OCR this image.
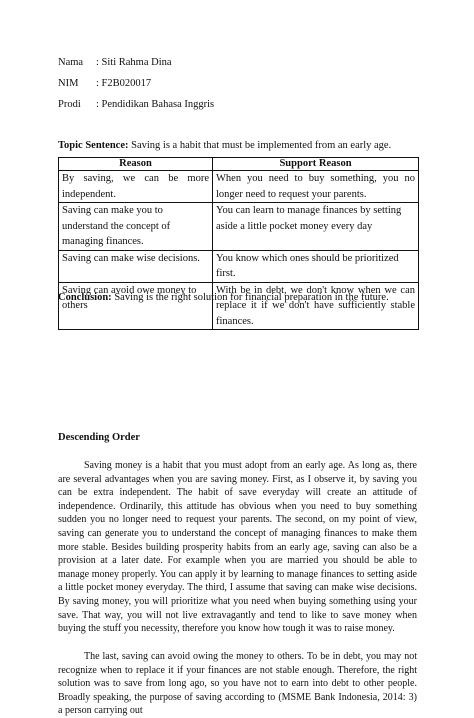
Nama : Siti Rahma Dina
NIM : F2B020017
Prodi : Pendidikan Bahasa Inggris
Topic Sentence: Saving is a habit that must be implemented from an early age.
Reason	Support Reason
By saving, we can be more independent.	When you need to buy something, you no longer need to request your parents.
Saving can make you to understand the concept of managing finances.	You can learn to manage finances by setting aside a little pocket money every day
Saving can make wise decisions.	You know which ones should be prioritized first.
Saving can avoid owe money to others	With be in debt, we don't know when we can replace it if we don't have sufficiently stable finances.
Conclusion: Saving is the right solution for financial preparation in the future.
Descending Order

Saving money is a habit that you must adopt from an early age. As long as, there are several advantages when you are saving money. First, as I observe it, by saving you can be extra independent. The habit of save everyday will create an attitude of independence. Ordinarily, this attitude has obvious when you need to buy something sudden you no longer need to request your parents. The second, on my point of view, saving can generate you to understand the concept of managing finances to make them more stable. Besides building prosperity habits from an early age, saving can also be a provision at a later date. For example when you are married you should be able to manage money properly. You can apply it by learning to manage finances to setting aside a little pocket money everyday. The third, I assume that saving can make wise decisions. By saving money, you will prioritize what you need when buying something using your save. That way, you will not live extravagantly and tend to like to save money when buying the stuff you necessity, therefore you know how tough it was to raise money.

The last, saving can avoid owing the money to others. To be in debt, you may not recognize when to replace it if your finances are not stable enough. Therefore, the right solution was to save from long ago, so you have not to earn into debt to other people. Broadly speaking, the purpose of saving according to (MSME Bank Indonesia, 2014: 3) a person carrying out
